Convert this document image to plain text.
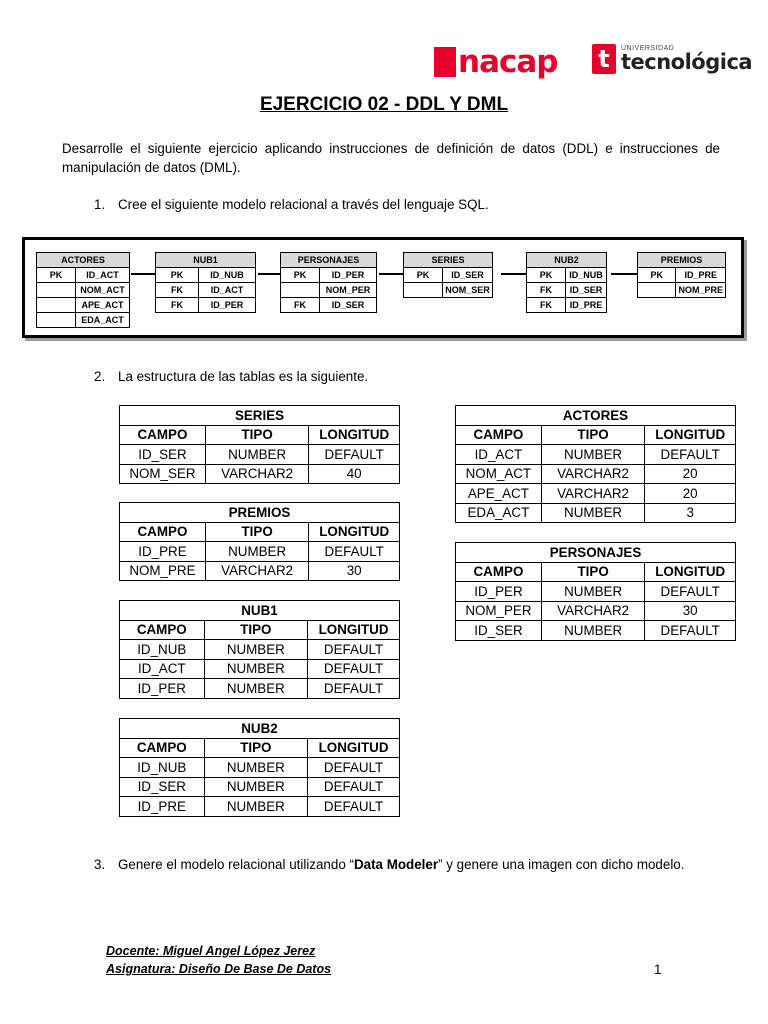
nacap t	UNIVERSIDAD
tecnológica
EJERCICIO 02 - DDL Y DML
Desarrolle el siguiente ejercicio aplicando instrucciones de definición de datos (DDL) e instrucciones de manipulación de datos (DML).
1. Cree el siguiente modelo relacional a través del lenguaje SQL.
ACTORES	
PK	ID_ACT
	NOM_ACT
	APE_ACT
	EDA_ACT
NUB1	
PK	ID_NUB
FK	ID_ACT
FK	ID_PER
PERSONAJES	
PK	ID_PER
	NOM_PER
FK	ID_SER
SERIES	
PK	ID_SER
	NOM_SER
NUB2	
PK	ID_NUB
FK	ID_SER
FK	ID_PRE
PREMIOS	
PK	ID_PRE
	NOM_PRE
2. La estructura de las tablas es la siguiente.
SERIES		
CAMPO	TIPO	LONGITUD
ID_SER	NUMBER	DEFAULT
NOM_SER	VARCHAR2	40
PREMIOS		
CAMPO	TIPO	LONGITUD
ID_PRE	NUMBER	DEFAULT
NOM_PRE	VARCHAR2	30
NUB1		
CAMPO	TIPO	LONGITUD
ID_NUB	NUMBER	DEFAULT
ID_ACT	NUMBER	DEFAULT
ID_PER	NUMBER	DEFAULT
NUB2		
CAMPO	TIPO	LONGITUD
ID_NUB	NUMBER	DEFAULT
ID_SER	NUMBER	DEFAULT
ID_PRE	NUMBER	DEFAULT
ACTORES		
CAMPO	TIPO	LONGITUD
ID_ACT	NUMBER	DEFAULT
NOM_ACT	VARCHAR2	20
APE_ACT	VARCHAR2	20
EDA_ACT	NUMBER	3
PERSONAJES		
CAMPO	TIPO	LONGITUD
ID_PER	NUMBER	DEFAULT
NOM_PER	VARCHAR2	30
ID_SER	NUMBER	DEFAULT
3. Genere el modelo relacional utilizando “Data Modeler” y genere una imagen con dicho modelo.
Docente: Miguel Angel López Jerez
Asignatura: Diseño De Base De Datos	1
